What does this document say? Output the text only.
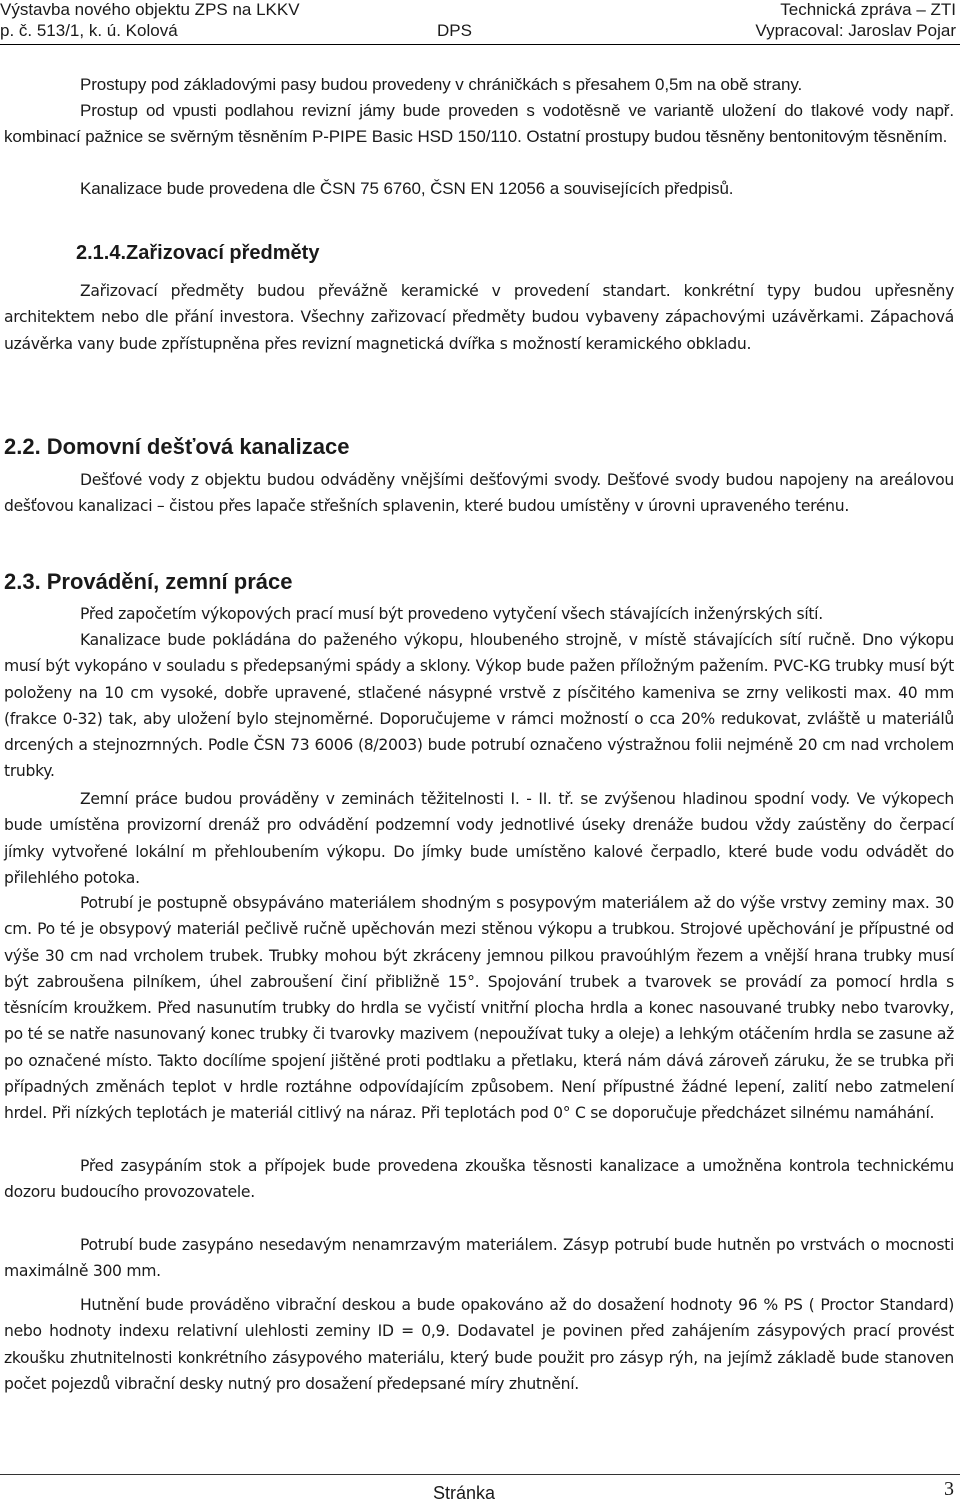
Výstavba nového objektu ZPS na LKKV
p. č. 513/1, k. ú. Kolová	DPS
Technická zpráva – ZTI
Vypracoval: Jaroslav Pojar

Prostupy pod základovými pasy budou provedeny v chráničkách s přesahem 0,5m na obě strany.

Prostup od vpusti podlahou revizní jámy bude proveden s vodotěsně ve variantě uložení do tlakové vody např. kombinací pažnice se svěrným těsněním P-PIPE Basic HSD 150/110. Ostatní prostupy budou těsněny bentonitovým těsněním.

Kanalizace bude provedena dle ČSN 75 6760, ČSN EN 12056 a souvisejících předpisů.

2.1.4.Zařizovací předměty

Zařizovací předměty budou převážně keramické v provedení standart. konkrétní typy budou upřesněny architektem nebo dle přání investora. Všechny zařizovací předměty budou vybaveny zápachovými uzávěrkami. Zápachová uzávěrka vany bude zpřístupněna přes revizní magnetická dvířka s možností keramického obkladu.

2.2. Domovní dešťová kanalizace

Dešťové vody z objektu budou odváděny vnějšími dešťovými svody. Dešťové svody budou napojeny na areálovou dešťovou kanalizaci – čistou přes lapače střešních splavenin, které budou umístěny v úrovni upraveného terénu.

2.3. Provádění, zemní práce

Před započetím výkopových prací musí být provedeno vytyčení všech stávajících inženýrských sítí.

Kanalizace bude pokládána do paženého výkopu, hloubeného strojně, v místě stávajících sítí ručně. Dno výkopu musí být vykopáno v souladu s předepsanými spády a sklony. Výkop bude pažen příložným pažením. PVC-KG trubky musí být položeny na 10 cm vysoké, dobře upravené, stlačené násypné vrstvě z písčitého kameniva se zrny velikosti max. 40 mm (frakce 0-32) tak, aby uložení bylo stejnoměrné. Doporučujeme v rámci možností o cca 20% redukovat, zvláště u materiálů drcených a stejnozrnných. Podle ČSN 73 6006 (8/2003) bude potrubí označeno výstražnou folii nejméně 20 cm nad vrcholem trubky.

Zemní práce budou prováděny v zeminách těžitelnosti I. - II. tř. se zvýšenou hladinou spodní vody. Ve výkopech bude umístěna provizorní drenáž pro odvádění podzemní vody jednotlivé úseky drenáže budou vždy zaústěny do čerpací jímky vytvořené lokální m přehloubením výkopu. Do jímky bude umístěno kalové čerpadlo, které bude vodu odvádět do přilehlého potoka.

Potrubí je postupně obsypáváno materiálem shodným s posypovým materiálem až do výše vrstvy zeminy max. 30 cm. Po té je obsypový materiál pečlivě ručně upěchován mezi stěnou výkopu a trubkou. Strojové upěchování je přípustné od výše 30 cm nad vrcholem trubek. Trubky mohou být zkráceny jemnou pilkou pravoúhlým řezem a vnější hrana trubky musí být zabroušena pilníkem, úhel zabroušení činí přibližně 15°. Spojování trubek a tvarovek se provádí za pomocí hrdla s těsnícím kroužkem. Před nasunutím trubky do hrdla se vyčistí vnitřní plocha hrdla a konec nasouvané trubky nebo tvarovky, po té se natře nasunovaný konec trubky či tvarovky mazivem (nepoužívat tuky a oleje) a lehkým otáčením hrdla se zasune až po označené místo. Takto docílíme spojení jištěné proti podtlaku a přetlaku, která nám dává zároveň záruku, že se trubka při případných změnách teplot v hrdle roztáhne odpovídajícím způsobem. Není přípustné žádné lepení, zalití nebo zatmelení hrdel. Při nízkých teplotách je materiál citlivý na náraz. Při teplotách pod 0° C se doporučuje předcházet silnému namáhání.

Před zasypáním stok a přípojek bude provedena zkouška těsnosti kanalizace a umožněna kontrola technickému dozoru budoucího provozovatele.

Potrubí bude zasypáno nesedavým nenamrzavým materiálem. Zásyp potrubí bude hutněn po vrstvách o mocnosti maximálně 300 mm.

Hutnění bude prováděno vibrační deskou a bude opakováno až do dosažení hodnoty 96 % PS ( Proctor Standard) nebo hodnoty indexu relativní ulehlosti zeminy ID = 0,9. Dodavatel je povinen před zahájením zásypových prací provést zkoušku zhutnitelnosti konkrétního zásypového materiálu, který bude použit pro zásyp rýh, na jejímž základě bude stanoven počet pojezdů vibrační desky nutný pro dosažení předepsané míry zhutnění.

Stránka	3
